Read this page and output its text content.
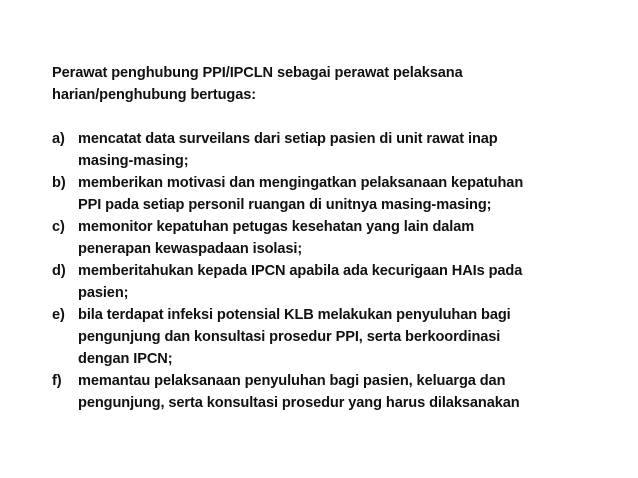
Perawat penghubung PPI/IPCLN sebagai perawat pelaksana
harian/penghubung bertugas:

a) mencatat data surveilans dari setiap pasien di unit rawat inap
masing-masing;
b) memberikan motivasi dan mengingatkan pelaksanaan kepatuhan
PPI pada setiap personil ruangan di unitnya masing-masing;
c) memonitor kepatuhan petugas kesehatan yang lain dalam
penerapan kewaspadaan isolasi;
d) memberitahukan kepada IPCN apabila ada kecurigaan HAIs pada
pasien;
e) bila terdapat infeksi potensial KLB melakukan penyuluhan bagi
pengunjung dan konsultasi prosedur PPI, serta berkoordinasi
dengan IPCN;
f)	memantau pelaksanaan penyuluhan bagi pasien, keluarga dan
pengunjung, serta konsultasi prosedur yang harus dilaksanakan
